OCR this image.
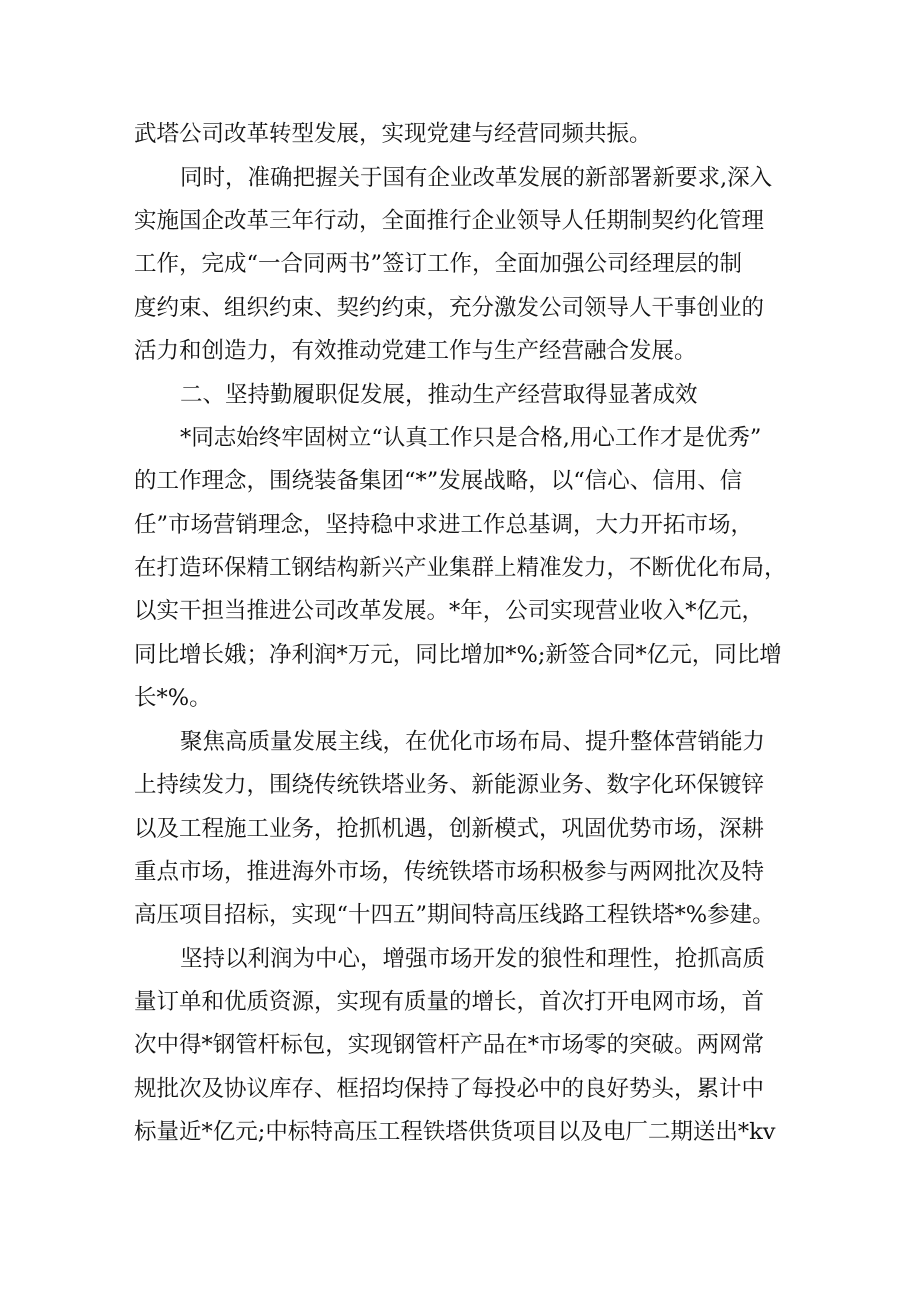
武塔公司改革转型发展，实现党建与经营同频共振。
同时，准确把握关于国有企业改革发展的新部署新要求,深入
实施国企改革三年行动，全面推行企业领导人任期制契约化管理
工作，完成“一合同两书”签订工作，全面加强公司经理层的制
度约束、组织约束、契约约束，充分激发公司领导人干事创业的
活力和创造力，有效推动党建工作与生产经营融合发展。
二、坚持勤履职促发展，推动生产经营取得显著成效
*同志始终牢固树立“认真工作只是合格,用心工作才是优秀”
的工作理念，围绕装备集团“*”发展战略，以“信心、信用、信
任”市场营销理念，坚持稳中求进工作总基调，大力开拓市场，
在打造环保精工钢结构新兴产业集群上精准发力，不断优化布局，
以实干担当推进公司改革发展。*年，公司实现营业收入*亿元，
同比增长娥；净利润*万元，同比增加*%;新签合同*亿元，同比增
长*%。
聚焦高质量发展主线，在优化市场布局、提升整体营销能力
上持续发力，围绕传统铁塔业务、新能源业务、数字化环保镀锌
以及工程施工业务，抢抓机遇，创新模式，巩固优势市场，深耕
重点市场，推进海外市场，传统铁塔市场积极参与两网批次及特
高压项目招标，实现“十四五”期间特高压线路工程铁塔*%参建。
坚持以利润为中心，增强市场开发的狼性和理性，抢抓高质
量订单和优质资源，实现有质量的增长，首次打开电网市场，首
次中得*钢管杆标包，实现钢管杆产品在*市场零的突破。两网常
规批次及协议库存、框招均保持了每投必中的良好势头，累计中
标量近*亿元;中标特高压工程铁塔供货项目以及电厂二期送出*kv
